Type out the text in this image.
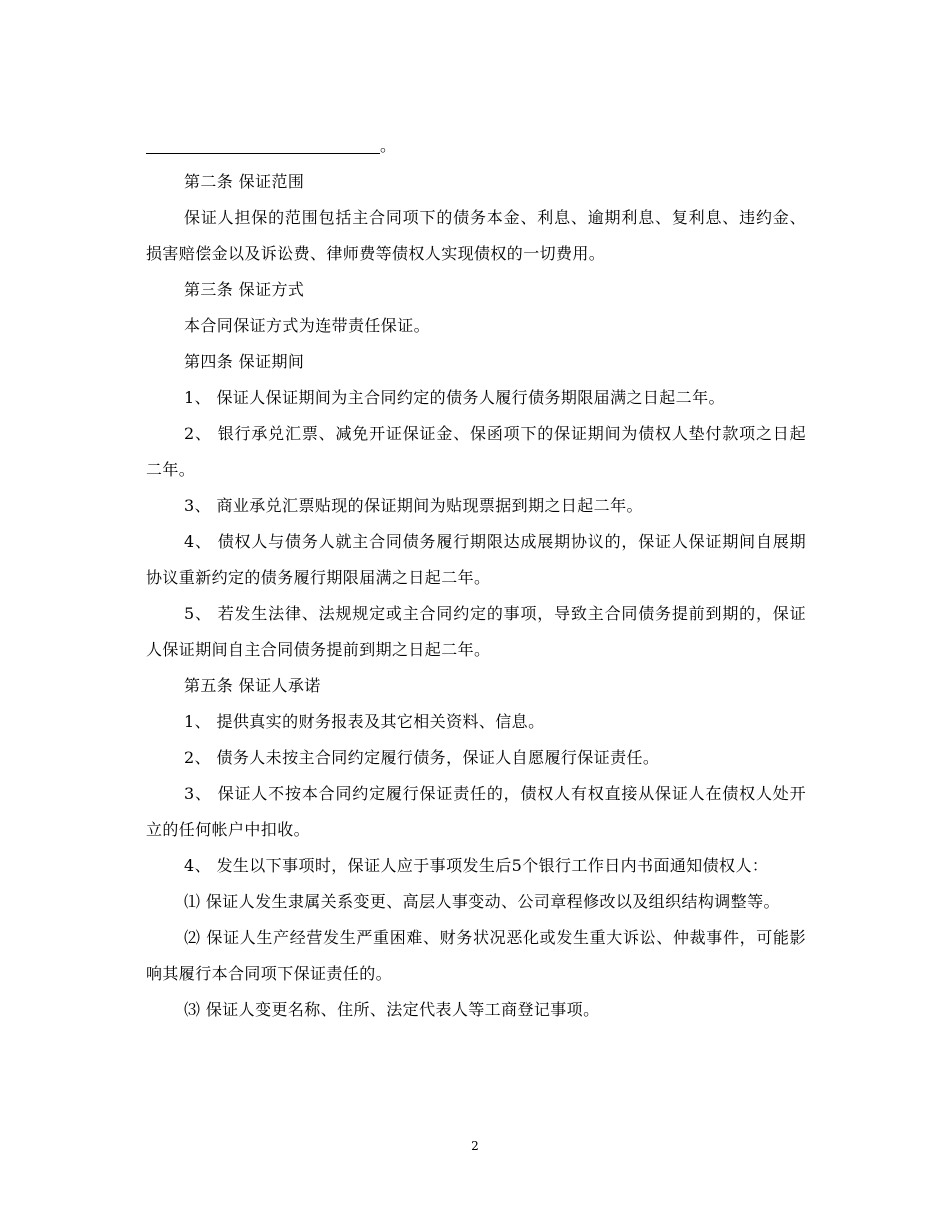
。

第二条 保证范围

保证人担保的范围包括主合同项下的债务本金、利息、逾期利息、复利息、违约金、损害赔偿金以及诉讼费、律师费等债权人实现债权的一切费用。

第三条 保证方式

本合同保证方式为连带责任保证。

第四条 保证期间

1、 保证人保证期间为主合同约定的债务人履行债务期限届满之日起二年。

2、 银行承兑汇票、减免开证保证金、保函项下的保证期间为债权人垫付款项之日起二年。

3、 商业承兑汇票贴现的保证期间为贴现票据到期之日起二年。

4、 债权人与债务人就主合同债务履行期限达成展期协议的，保证人保证期间自展期协议重新约定的债务履行期限届满之日起二年。

5、 若发生法律、法规规定或主合同约定的事项，导致主合同债务提前到期的，保证人保证期间自主合同债务提前到期之日起二年。

第五条 保证人承诺

1、 提供真实的财务报表及其它相关资料、信息。

2、 债务人未按主合同约定履行债务，保证人自愿履行保证责任。

3、 保证人不按本合同约定履行保证责任的，债权人有权直接从保证人在债权人处开立的任何帐户中扣收。

4、 发生以下事项时，保证人应于事项发生后5个银行工作日内书面通知债权人：

⑴ 保证人发生隶属关系变更、高层人事变动、公司章程修改以及组织结构调整等。

⑵ 保证人生产经营发生严重困难、财务状况恶化或发生重大诉讼、仲裁事件，可能影响其履行本合同项下保证责任的。

⑶ 保证人变更名称、住所、法定代表人等工商登记事项。

2
